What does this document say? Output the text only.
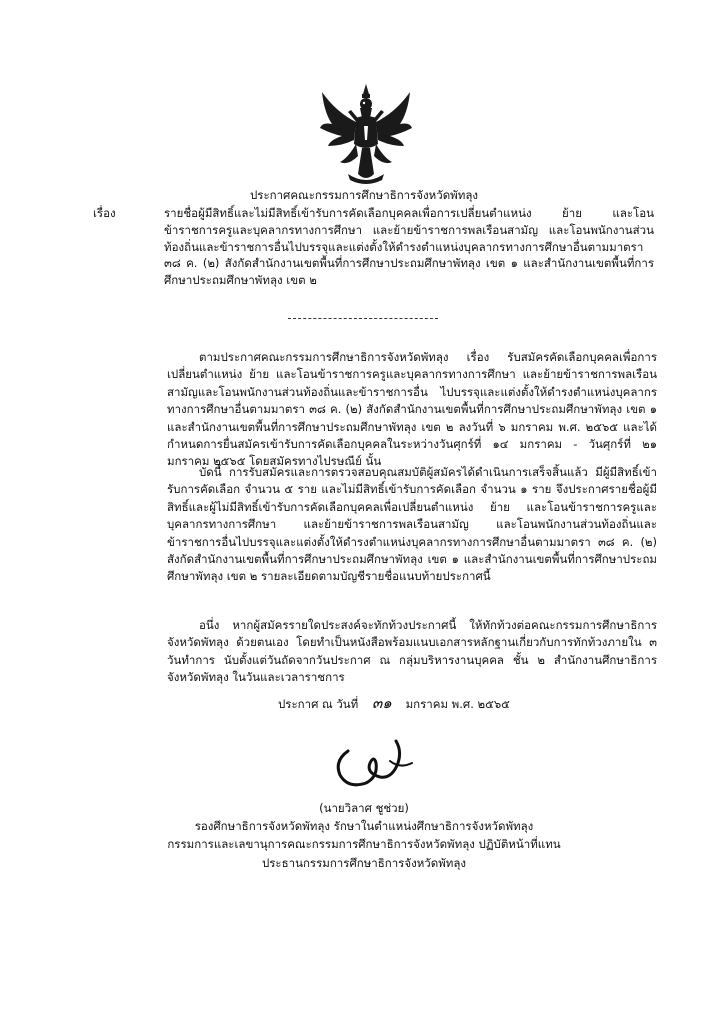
ประกาศคณะกรรมการศึกษาธิการจังหวัดพัทลุง
เรื่อง	รายชื่อผู้มีสิทธิ์และไม่มีสิทธิ์เข้ารับการคัดเลือกบุคคลเพื่อการเปลี่ยนตำแหน่ง ย้าย และโอนข้าราชการครูและบุคลากรทางการศึกษา และย้ายข้าราชการพลเรือนสามัญ และโอนพนักงานส่วนท้องถิ่นและข้าราชการอื่นไปบรรจุและแต่งตั้งให้ดำรงตำแหน่งบุคลากรทางการศึกษาอื่นตามมาตรา ๓๘ ค. (๒) สังกัดสำนักงานเขตพื้นที่การศึกษาประถมศึกษาพัทลุง เขต ๑ และสำนักงานเขตพื้นที่การศึกษาประถมศึกษาพัทลุง เขต ๒
ตามประกาศคณะกรรมการศึกษาธิการจังหวัดพัทลุง เรื่อง รับสมัครคัดเลือกบุคคลเพื่อการเปลี่ยนตำแหน่ง ย้าย และโอนข้าราชการครูและบุคลากรทางการศึกษา และย้ายข้าราชการพลเรือนสามัญและโอนพนักงานส่วนท้องถิ่นและข้าราชการอื่น ไปบรรจุและแต่งตั้งให้ดำรงตำแหน่งบุคลากรทางการศึกษาอื่นตามมาตรา ๓๘ ค. (๒) สังกัดสำนักงานเขตพื้นที่การศึกษาประถมศึกษาพัทลุง เขต ๑ และสำนักงานเขตพื้นที่การศึกษาประถมศึกษาพัทลุง เขต ๒ ลงวันที่ ๖ มกราคม พ.ศ. ๒๕๖๕ และได้กำหนดการยื่นสมัครเข้ารับการคัดเลือกบุคคลในระหว่างวันศุกร์ที่ ๑๔ มกราคม - วันศุกร์ที่ ๒๑ มกราคม ๒๕๖๕ โดยสมัครทางไปรษณีย์ นั้น
บัดนี้ การรับสมัครและการตรวจสอบคุณสมบัติผู้สมัครได้ดำเนินการเสร็จสิ้นแล้ว มีผู้มีสิทธิ์เข้ารับการคัดเลือก จำนวน ๕ ราย และไม่มีสิทธิ์เข้ารับการคัดเลือก จำนวน ๑ ราย จึงประกาศรายชื่อผู้มีสิทธิ์และผู้ไม่มีสิทธิ์เข้ารับการคัดเลือกบุคคลเพื่อเปลี่ยนตำแหน่ง ย้าย และโอนข้าราชการครูและบุคลากรทางการศึกษา และย้ายข้าราชการพลเรือนสามัญ และโอนพนักงานส่วนท้องถิ่นและข้าราชการอื่นไปบรรจุและแต่งตั้งให้ดำรงตำแหน่งบุคลากรทางการศึกษาอื่นตามมาตรา ๓๘ ค. (๒) สังกัดสำนักงานเขตพื้นที่การศึกษาประถมศึกษาพัทลุง เขต ๑ และสำนักงานเขตพื้นที่การศึกษาประถมศึกษาพัทลุง เขต ๒ รายละเอียดตามบัญชีรายชื่อแนบท้ายประกาศนี้
อนึ่ง หากผู้สมัครรายใดประสงค์จะทักท้วงประกาศนี้ ให้ทักท้วงต่อคณะกรรมการศึกษาธิการจังหวัดพัทลุง ด้วยตนเอง โดยทำเป็นหนังสือพร้อมแนบเอกสารหลักฐานเกี่ยวกับการทักท้วงภายใน ๓ วันทำการ นับตั้งแต่วันถัดจากวันประกาศ ณ กลุ่มบริหารงานบุคคล ชั้น ๒ สำนักงานศึกษาธิการจังหวัดพัทลุง ในวันและเวลาราชการ
ประกาศ ณ วันที่ ๓๑ มกราคม พ.ศ. ๒๕๖๕
(นายวิลาศ ชูช่วย)
รองศึกษาธิการจังหวัดพัทลุง รักษาในตำแหน่งศึกษาธิการจังหวัดพัทลุง
กรรมการและเลขานุการคณะกรรมการศึกษาธิการจังหวัดพัทลุง ปฏิบัติหน้าที่แทน
ประธานกรรมการศึกษาธิการจังหวัดพัทลุง
